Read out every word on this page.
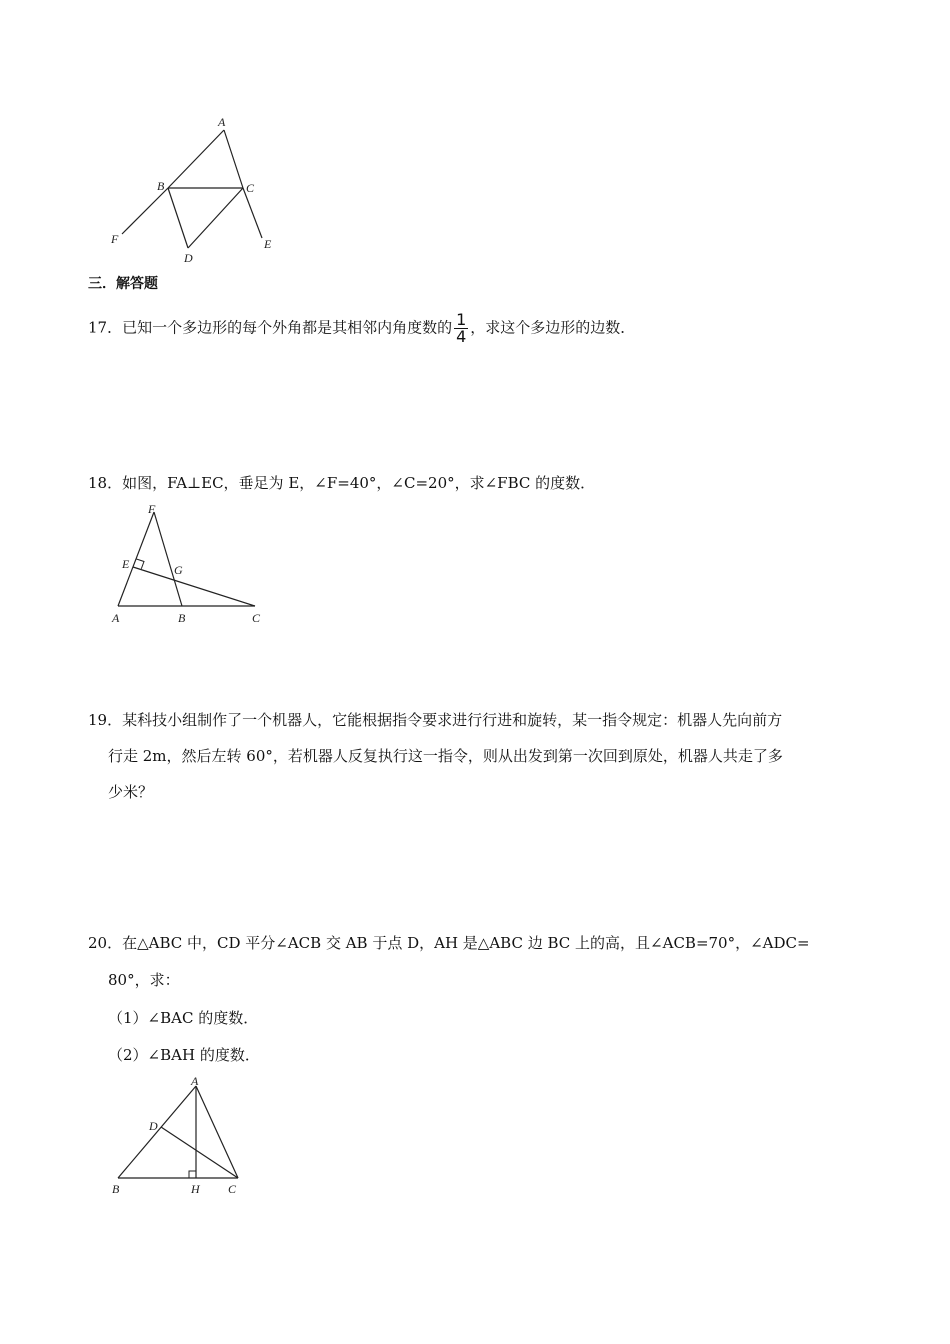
A
B	C
D
E
F
三．解答题
17．已知一个多边形的每个外角都是其相邻内角度数的 $\frac{1}{4}$ ，求这个多边形的边数．
18．如图，FA⊥EC，垂足为 E，∠F=40°，∠C=20°，求∠FBC 的度数．
F
E	G
A	B	C
19．某科技小组制作了一个机器人，它能根据指令要求进行行进和旋转，某一指令规定：机器人先向前方
行走 2m，然后左转 60°，若机器人反复执行这一指令，则从出发到第一次回到原处，机器人共走了多
少米？
20．在△ABC 中，CD 平分∠ACB 交 AB 于点 D，AH 是△ABC 边 BC 上的高，且∠ACB=70°，∠ADC=
80°，求：
（1）∠BAC 的度数．
（2）∠BAH 的度数．
A
D
B	H C
